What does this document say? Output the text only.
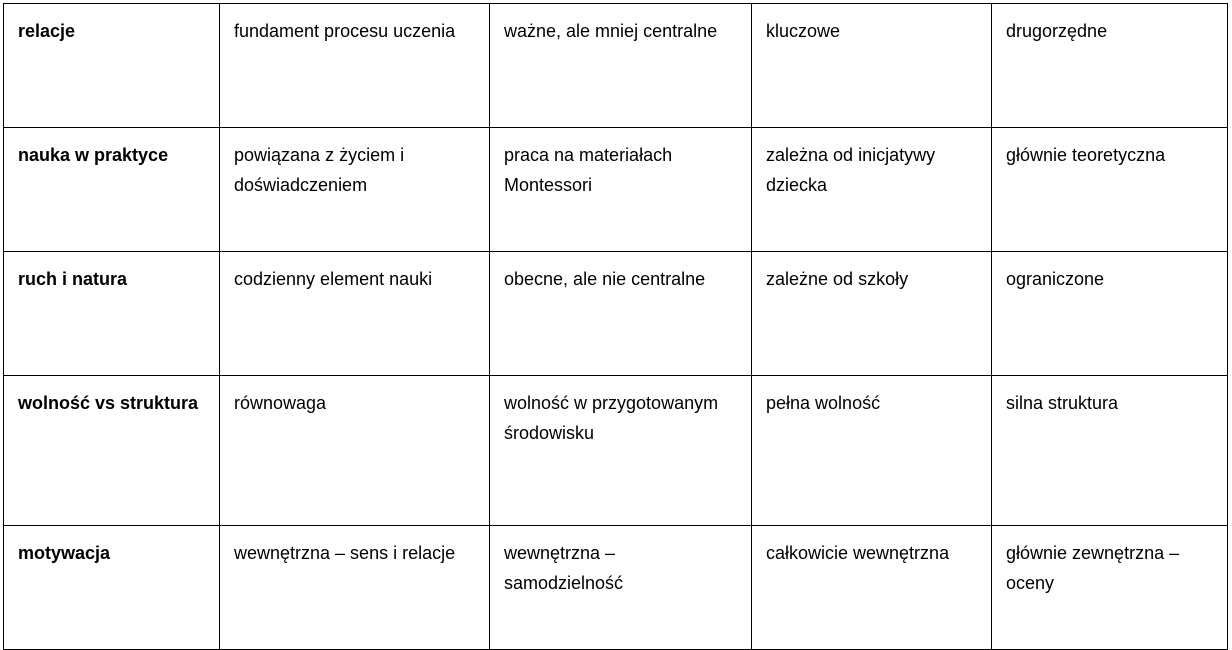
relacje	fundament procesu uczenia	ważne, ale mniej centralne	kluczowe	drugorzędne
nauka w praktyce	powiązana z życiem i doświadczeniem	praca na materiałach Montessori	zależna od inicjatywy dziecka	głównie teoretyczna
ruch i natura	codzienny element nauki	obecne, ale nie centralne	zależne od szkoły	ograniczone
wolność vs struktura	równowaga	wolność w przygotowanym środowisku	pełna wolność	silna struktura
motywacja	wewnętrzna – sens i relacje	wewnętrzna – samodzielność	całkowicie wewnętrzna	głównie zewnętrzna – oceny
